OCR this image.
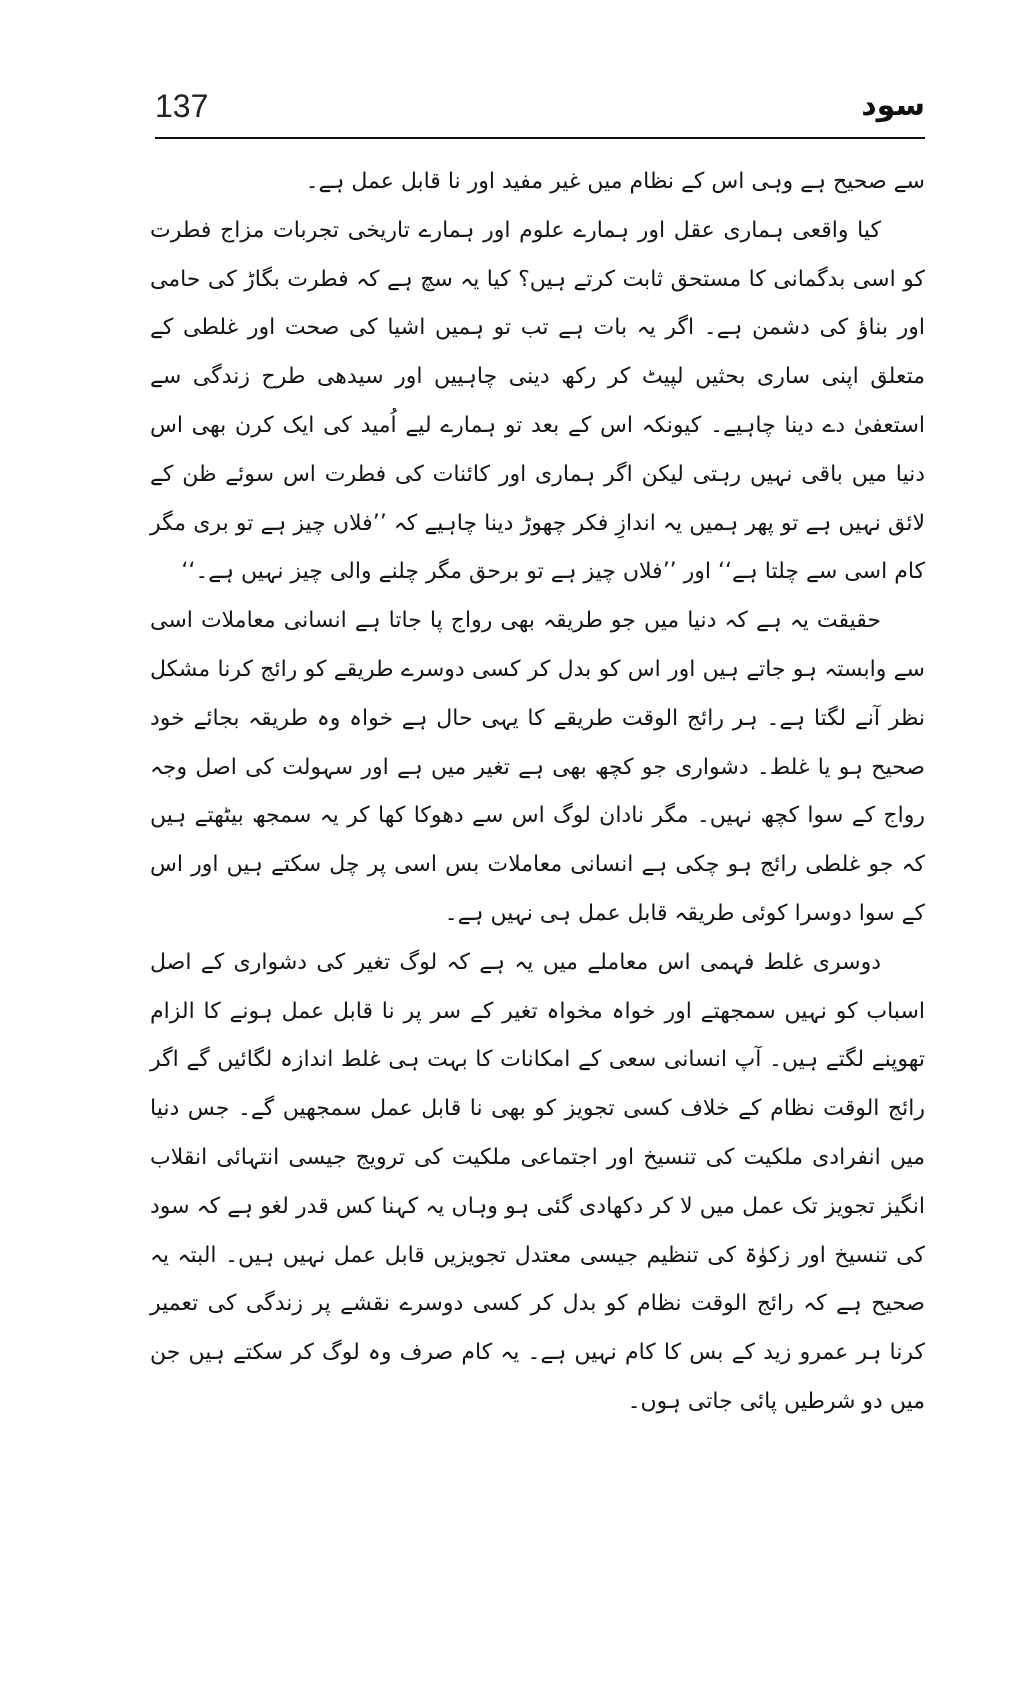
137	سود

سے صحیح ہے وہی اس کے نظام میں غیر مفید اور نا قابل عمل ہے۔

کیا واقعی ہماری عقل اور ہمارے علوم اور ہمارے تاریخی تجربات مزاج فطرت کو اسی بدگمانی کا مستحق ثابت کرتے ہیں؟ کیا یہ سچ ہے کہ فطرت بگاڑ کی حامی اور بناؤ کی دشمن ہے۔ اگر یہ بات ہے تب تو ہمیں اشیا کی صحت اور غلطی کے متعلق اپنی ساری بحثیں لپیٹ کر رکھ دینی چاہییں اور سیدھی طرح زندگی سے استعفیٰ دے دینا چاہیے۔ کیونکہ اس کے بعد تو ہمارے لیے اُمید کی ایک کرن بھی اس دنیا میں باقی نہیں رہتی لیکن اگر ہماری اور کائنات کی فطرت اس سوئے ظن کے لائق نہیں ہے تو پھر ہمیں یہ اندازِ فکر چھوڑ دینا چاہیے کہ ’’فلاں چیز ہے تو بری مگر کام اسی سے چلتا ہے‘‘ اور ’’فلاں چیز ہے تو برحق مگر چلنے والی چیز نہیں ہے۔‘‘

حقیقت یہ ہے کہ دنیا میں جو طریقہ بھی رواج پا جاتا ہے انسانی معاملات اسی سے وابستہ ہو جاتے ہیں اور اس کو بدل کر کسی دوسرے طریقے کو رائج کرنا مشکل نظر آنے لگتا ہے۔ ہر رائج الوقت طریقے کا یہی حال ہے خواہ وہ طریقہ بجائے خود صحیح ہو یا غلط۔ دشواری جو کچھ بھی ہے تغیر میں ہے اور سہولت کی اصل وجہ رواج کے سوا کچھ نہیں۔ مگر نادان لوگ اس سے دھوکا کھا کر یہ سمجھ بیٹھتے ہیں کہ جو غلطی رائج ہو چکی ہے انسانی معاملات بس اسی پر چل سکتے ہیں اور اس کے سوا دوسرا کوئی طریقہ قابل عمل ہی نہیں ہے۔

دوسری غلط فہمی اس معاملے میں یہ ہے کہ لوگ تغیر کی دشواری کے اصل اسباب کو نہیں سمجھتے اور خواہ مخواہ تغیر کے سر پر نا قابل عمل ہونے کا الزام تھوپنے لگتے ہیں۔ آپ انسانی سعی کے امکانات کا بہت ہی غلط اندازہ لگائیں گے اگر رائج الوقت نظام کے خلاف کسی تجویز کو بھی نا قابل عمل سمجھیں گے۔ جس دنیا میں انفرادی ملکیت کی تنسیخ اور اجتماعی ملکیت کی ترویج جیسی انتہائی انقلاب انگیز تجویز تک عمل میں لا کر دکھادی گئی ہو وہاں یہ کہنا کس قدر لغو ہے کہ سود کی تنسیخ اور زکوٰۃ کی تنظیم جیسی معتدل تجویزیں قابل عمل نہیں ہیں۔ البتہ یہ صحیح ہے کہ رائج الوقت نظام کو بدل کر کسی دوسرے نقشے پر زندگی کی تعمیر کرنا ہر عمرو زید کے بس کا کام نہیں ہے۔ یہ کام صرف وہ لوگ کر سکتے ہیں جن میں دو شرطیں پائی جاتی ہوں۔
